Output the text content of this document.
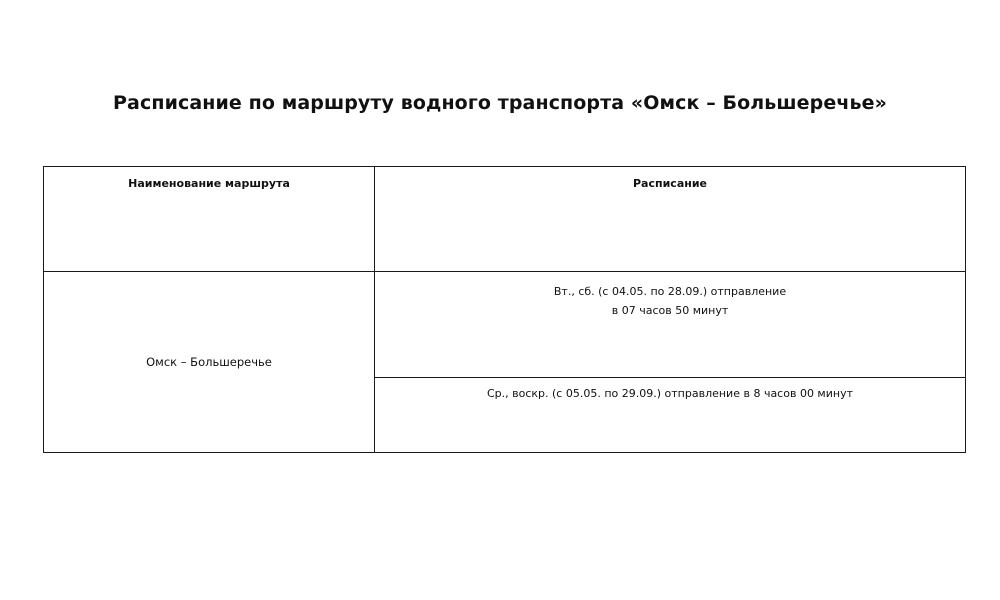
Расписание по маршруту водного транспорта «Омск – Большеречье»
Наименование маршрута	Расписание
Омск – Большеречье
Вт., сб. (с 04.05. по 28.09.) отправление
в 07 часов 50 минут
Ср., воскр. (с 05.05. по 29.09.) отправление в 8 часов 00 минут
